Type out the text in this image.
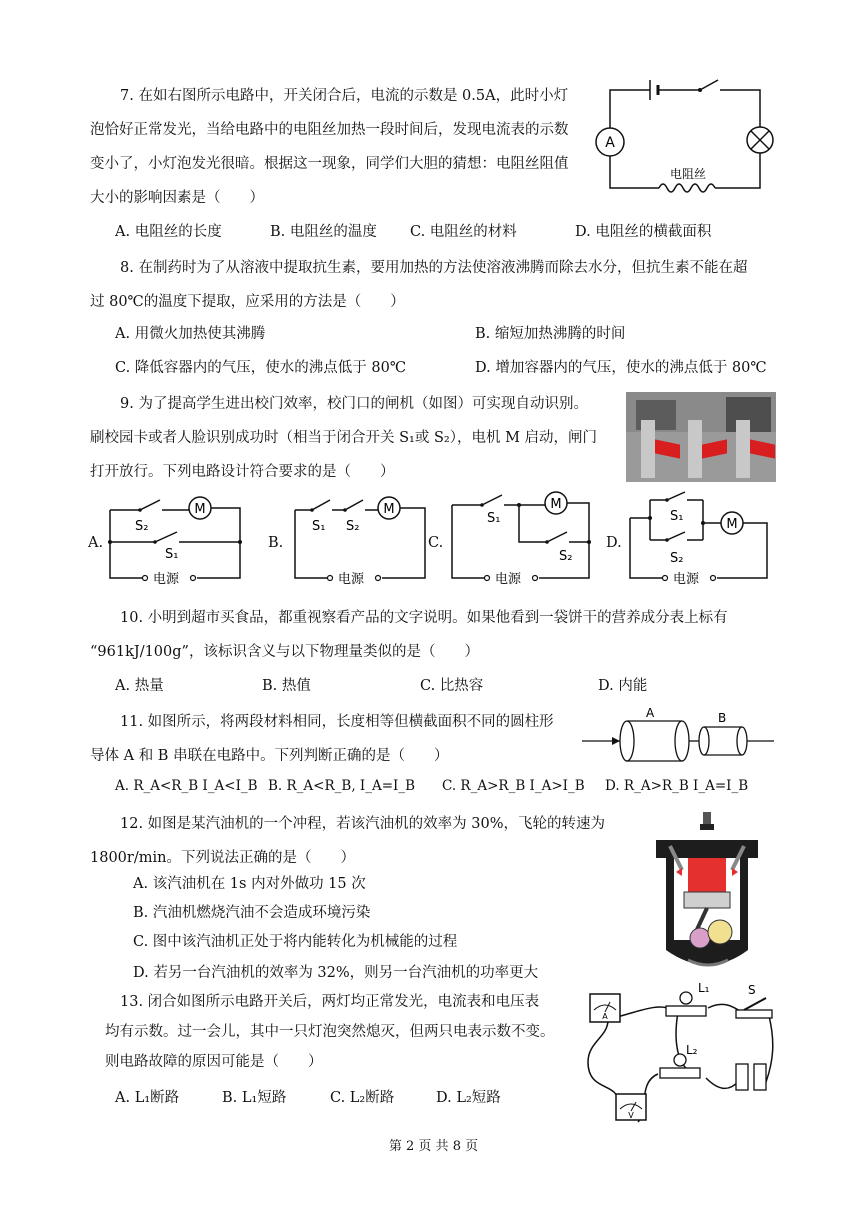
7. 在如右图所示电路中，开关闭合后，电流的示数是 0.5A，此时小灯
泡恰好正常发光，当给电路中的电阻丝加热一段时间后，发现电流表的示数
变小了，小灯泡发光很暗。根据这一现象，同学们大胆的猜想：电阻丝阻值
大小的影响因素是（　　）
A. 电阻丝的长度	B. 电阻丝的温度 C. 电阻丝的材料	D. 电阻丝的横截面积
A
电阻丝
8. 在制药时为了从溶液中提取抗生素，要用加热的方法使溶液沸腾而除去水分，但抗生素不能在超
过 80℃的温度下提取，应采用的方法是（　　）
A. 用微火加热使其沸腾	B. 缩短加热沸腾的时间
C. 降低容器内的气压，使水的沸点低于 80℃	D. 增加容器内的气压，使水的沸点低于 80℃
9. 为了提高学生进出校门效率，校门口的闸机（如图）可实现自动识别。
刷校园卡或者人脸识别成功时（相当于闭合开关 S₁或 S₂），电机 M 启动，闸门
打开放行。下列电路设计符合要求的是（　　）
A.
M
S₂
S₁
电源
B.
M
S₁ S₂
电源
C.
M
S₁
S₂
电源
D.
M
S₁
S₂
电源
10. 小明到超市买食品，都重视察看产品的文字说明。如果他看到一袋饼干的营养成分表上标有
“961kJ/100g”，该标识含义与以下物理量类似的是（　　）
A. 热量	B. 热值	C. 比热容	D. 内能
11. 如图所示，将两段材料相同，长度相等但横截面积不同的圆柱形
导体 A 和 B 串联在电路中。下列判断正确的是（　　）
A. R_A<R_B I_A<I_B B. R_A<R_B, I_A=I_B C. R_A>R_B I_A>I_B D. R_A>R_B I_A=I_B
A	B
12. 如图是某汽油机的一个冲程，若该汽油机的效率为 30%，飞轮的转速为
1800r/min。下列说法正确的是（　　）
A. 该汽油机在 1s 内对外做功 15 次
B. 汽油机燃烧汽油不会造成环境污染
C. 图中该汽油机正处于将内能转化为机械能的过程
D. 若另一台汽油机的效率为 32%，则另一台汽油机的功率更大
13. 闭合如图所示电路开关后，两灯均正常发光，电流表和电压表
均有示数。过一会儿，其中一只灯泡突然熄灭，但两只电表示数不变。
则电路故障的原因可能是（　　）
A. L₁断路	B. L₁短路	C. L₂断路	D. L₂短路
A
L₁	S
L₂
V
第 2 页 共 8 页
